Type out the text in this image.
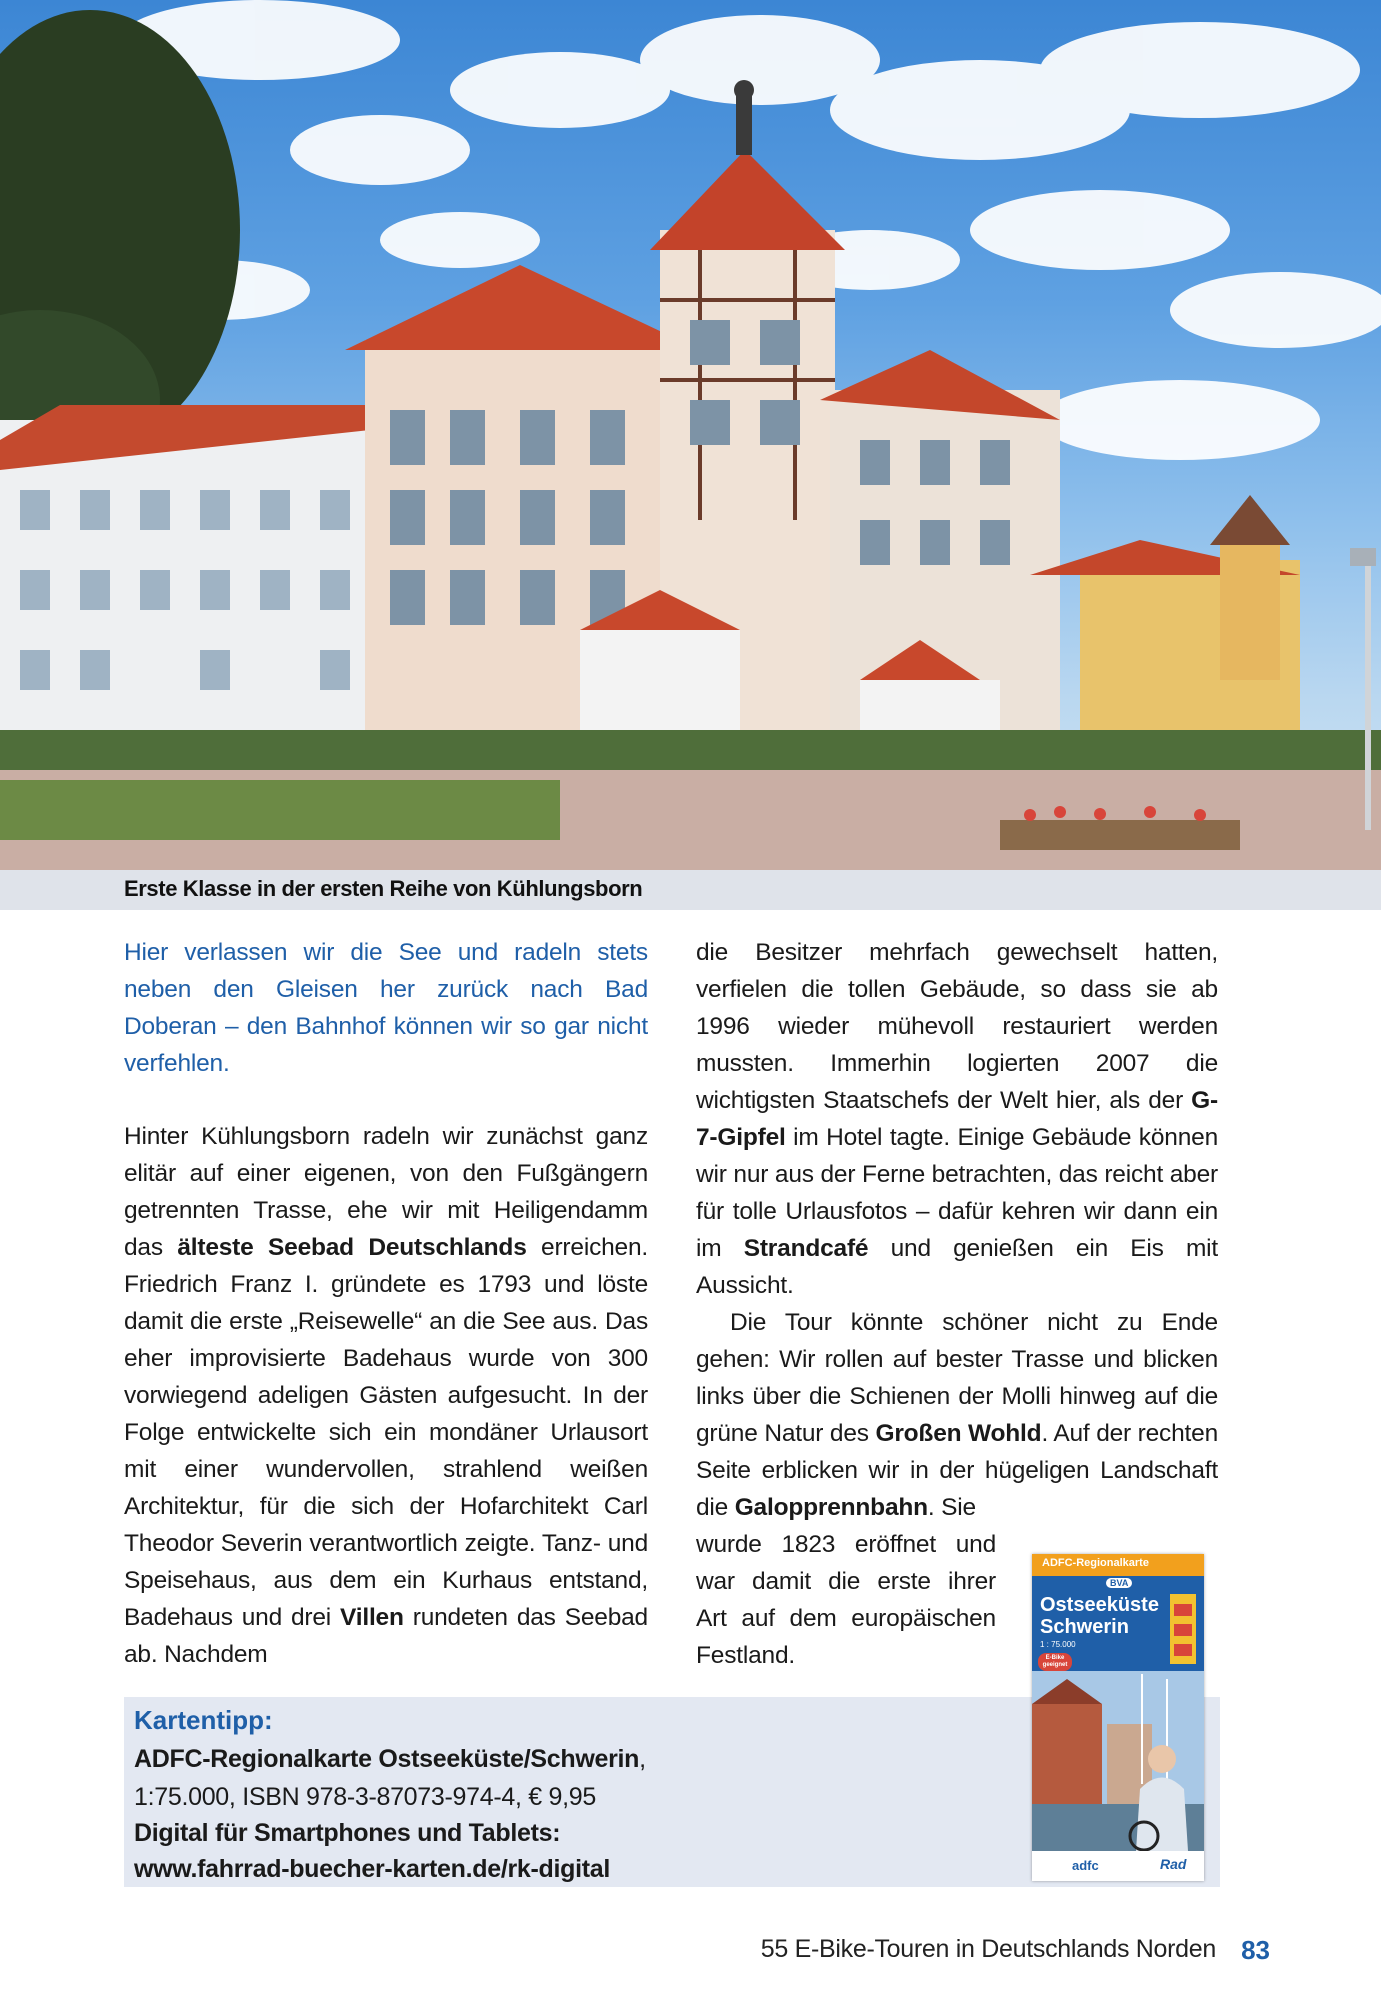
Erste Klasse in der ersten Reihe von Kühlungsborn

Hier verlassen wir die See und radeln stets neben den Gleisen her zurück nach Bad Doberan – den Bahnhof können wir so gar nicht verfehlen.

Hinter Kühlungsborn radeln wir zunächst ganz elitär auf einer eigenen, von den Fußgängern getrennten Trasse, ehe wir mit Heiligendamm das älteste Seebad Deutschlands erreichen. Friedrich Franz I. gründete es 1793 und löste damit die erste „Reisewelle“ an die See aus. Das eher improvisierte Badehaus wurde von 300 vorwiegend adeligen Gästen aufgesucht. In der Folge entwickelte sich ein mondäner Urlausort mit einer wundervollen, strahlend weißen Architektur, für die sich der Hofarchitekt Carl Theodor Severin verantwortlich zeigte. Tanz- und Speisehaus, aus dem ein Kurhaus entstand, Badehaus und drei Villen rundeten das Seebad ab. Nachdem

die Besitzer mehrfach gewechselt hatten, verfielen die tollen Gebäude, so dass sie ab 1996 wieder mühevoll restauriert werden mussten. Immerhin logierten 2007 die wichtigsten Staatschefs der Welt hier, als der G-7-Gipfel im Hotel tagte. Einige Gebäude können wir nur aus der Ferne betrachten, das reicht aber für tolle Urlausfotos – dafür kehren wir dann ein im Strandcafé und genießen ein Eis mit Aussicht.

Die Tour könnte schöner nicht zu Ende gehen: Wir rollen auf bester Trasse und blicken links über die Schienen der Molli hinweg auf die grüne Natur des Großen Wohld. Auf der rechten Seite erblicken wir in der hügeligen Landschaft die Galopprennbahn. Sie

wurde 1823 eröffnet und
war damit die erste ihrer
Art auf dem europäischen
Festland.
Kartentipp:
ADFC-Regionalkarte Ostseeküste/Schwerin,
1:75.000, ISBN 978-3-87073-974-4, € 9,95
Digital für Smartphones und Tablets:
www.fahrrad-buecher-karten.de/rk-digital
ADFC-Regionalkarte
BVA
Ostseeküste
Schwerin
1 : 75.000
E-Bike geeignet
adfc	Rad
55 E-Bike-Touren in Deutschlands Norden 83
